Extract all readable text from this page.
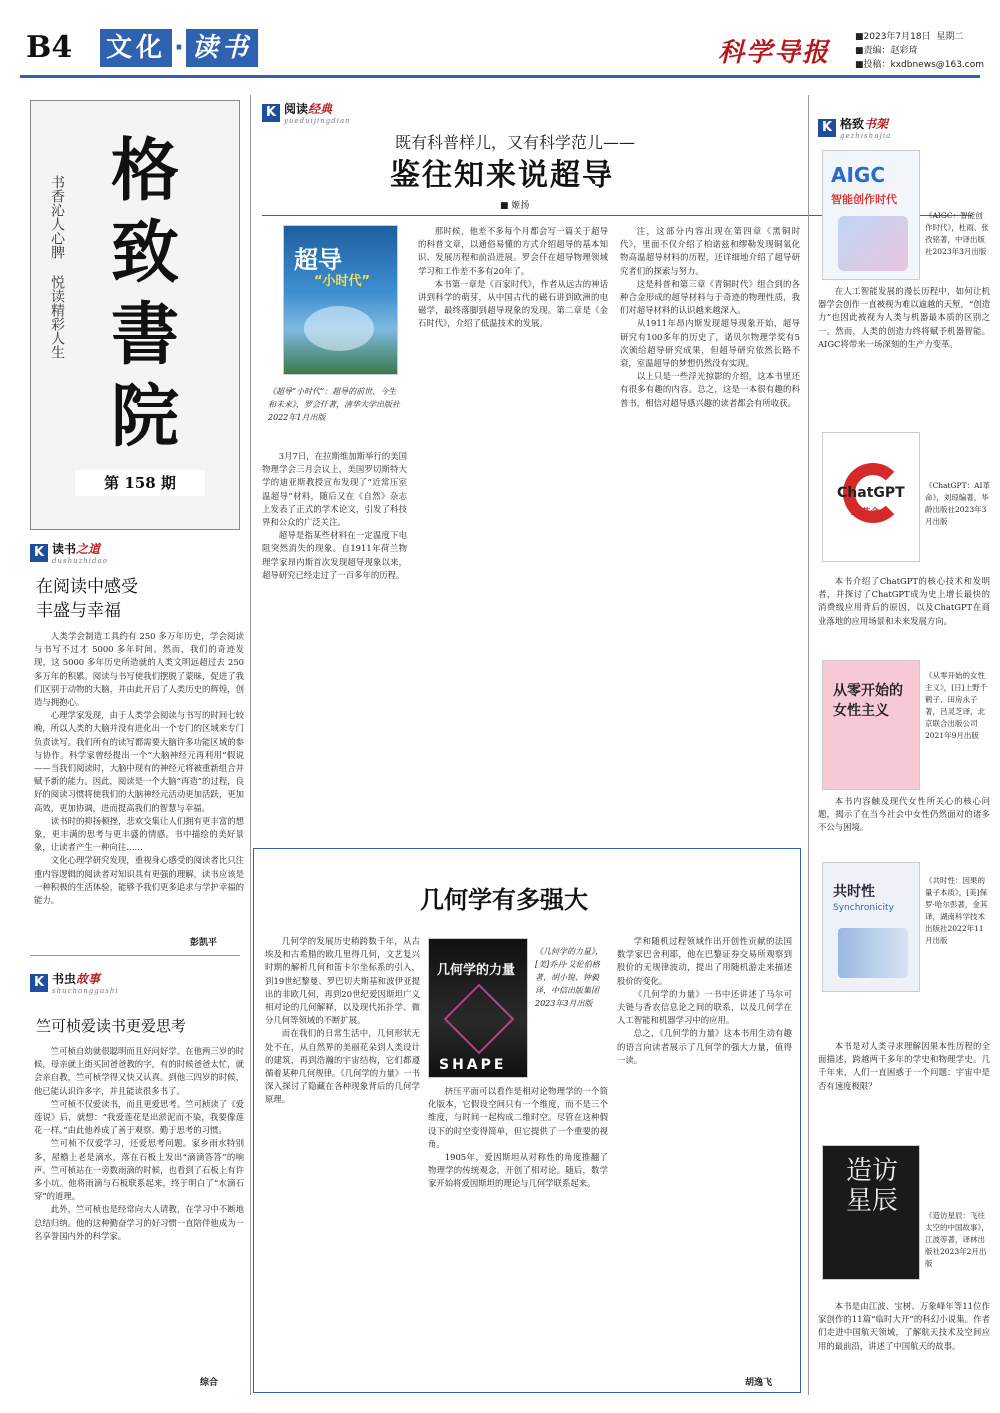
B4 文化 · 读书	科学导报
■2023年7月18日 星期二
■责编：赵彩琦
■投稿：kxdbnews@163.com
书香沁人心脾
悦读精彩人生
格
致
書
院
第 158 期
K 读书之道
dushuzhidao
在阅读中感受
丰盛与幸福

人类学会制造工具约有 250 多万年历史，学会阅读与书写不过才 5000 多年时间。然而，我们的奇迹发现，这 5000 多年历史所造就的人类文明远超过去 250 多万年的积累。阅读与书写使我们摆脱了蒙昧，促进了我们区别于动物的大脑，并由此开启了人类历史的辉煌，创造与拥抱心。

心理学家发现，由于人类学会阅读与书写的时间七较晚，所以人类的大脑并没有进化出一个专门的区域来专门负责读写。我们所有的读写都需要大脑许多功能区域的参与协作。科学家曾经提出一个“大脑神经元再利用”假说——当我们阅读时，大脑中现有的神经元将被重新组合并赋予新的能力。因此，阅读是一个大脑“再造”的过程，良好的阅读习惯将使我们的大脑神经元活动更加活跃，更加高效，更加协调，进而提高我们的智慧与幸福。

读书时的抑扬顿挫，悲欢交集让人们拥有更丰富的想象，更丰满的思考与更丰盛的情感。书中描绘的美好景象，让读者产生一种向往……

文化心理学研究发现，重视身心感受的阅读者比只注重内容逻辑的阅读者对知识具有更强的理解，读书应该是一种积极的生活体验，能够予我们更多追求与学护幸福的能力。

彭凯平
K 书虫故事
shuchonggushi
竺可桢爱读书更爱思考

竺可桢自幼就很聪明而且好问好学。在他两三岁的时候，母亲就上街买回爸爸教的字，有的时候爸爸太忙，就会亲自教，竺可桢学得又快又认真。到他三四岁的时候，他已能认识许多字，并且能读很多书了。

竺可桢不仅爱读书，而且更爱思考。竺可桢读了《爱莲说》后，就想：“我爱莲花是出淤泥而不染，我要像莲花一样。”由此他养成了善于观察、勤于思考的习惯。

竺可桢不仅爱学习，还爱思考问题。家乡雨水特别多，屋檐上老是滴水，落在石板上发出“滴滴答答”的响声。竺可桢站在一旁数雨滴的时候，也看到了石板上有许多小坑。他将雨滴与石板联系起来，终于明白了“水滴石穿”的道理。

此外，竺可桢也是经常向大人请教，在学习中不断地总结归纳。他的这种勤奋学习的好习惯一直陪伴他成为一名享誉国内外的科学家。

综合
K 阅读经典
yueduijingdian
既有科普样儿，又有科学范儿——
鉴往知来说超导
■ 姬扬
超导
“小时代”
《超导“小时代”：超导的前世、今生和未来》，罗会仟著，清华大学出版社 2022年1月出版

3月7日，在拉斯维加斯举行的美国物理学会三月会议上，美国罗切斯特大学的迪亚斯教授宣布发现了“近常压室温超导”材料，随后又在《自然》杂志上发表了正式的学术论文，引发了科技界和公众的广泛关注。

超导是指某些材料在一定温度下电阻突然消失的现象。自1911年荷兰物理学家昂内斯首次发现超导现象以来，超导研究已经走过了一百多年的历程。

那时候，他差不多每个月都会写一篇关于超导的科普文章，以通俗易懂的方式介绍超导的基本知识、发展历程和前沿进展。罗会仟在超导物理领域学习和工作差不多有20年了。

本书第一章是《百家时代》，作者从远古的神话讲到科学的萌芽，从中国古代的磁石讲到欧洲的电磁学，最终落脚到超导现象的发现。第二章是《金石时代》，介绍了低温技术的发展。

注，这部分内容出现在第四章《黑铜时代》，里面不仅介绍了柏诺兹和缪勒发现铜氧化物高温超导材料的历程，还详细地介绍了超导研究者们的探索与努力。

这是科普和第三章《青铜时代》组合到的各种合金形成的超导材料与于奇迹的物理性质，我们对超导材料的认识越来越深入。

从1911年昂内斯发现超导现象开始，超导研究有100多年的历史了，诺贝尔物理学奖有5次颁给超导研究成果，但超导研究依然长路不衰，室温超导的梦想仍然没有实现。

以上只是一些浮光掠影的介绍，这本书里还有很多有趣的内容。总之，这是一本很有趣的科普书，相信对超导感兴趣的读者都会有所收获。

几何学有多强大

几何学的发展历史稍跨数千年，从古埃及和古希腊的欧几里得几何，文艺复兴时期的解析几何和笛卡尔坐标系的引入，到19世纪黎曼、罗巴切夫斯基和波伊亚提出的非欧几何，再到20世纪爱因斯坦广义相对论的几何解释，以及现代拓扑学、微分几何等领域的不断扩展。

而在我们的日常生活中，几何形状无处不在，从自然界的美丽花朵到人类设计的建筑，再到浩瀚的宇宙结构，它们都遵循着某种几何规律。《几何学的力量》一书深入探讨了隐藏在各种现象背后的几何学原理。

几何学的力量
SHAPE
《几何学的力量》，[美]乔丹·艾伦伯格著，胡小锐、钟毅译，中信出版集团2023年3月出版

挤压平面可以看作是相对论物理学的一个简化版本，它假设空间只有一个维度，而不是三个维度，与时间一起构成二维时空。尽管在这种假设下的时空变得简单，但它提供了一个重要的视角。

1905年，爱因斯坦从对称性的角度推翻了物理学的传统观念，开创了相对论。随后，数学家开始将爱因斯坦的理论与几何学联系起来。

学和随机过程领域作出开创性贡献的法国数学家巴舍利耶，他在巴黎证券交易所观察到股价的无规律波动，提出了用随机游走来描述股价的变化。

《几何学的力量》一书中还讲述了马尔可夫链与香农信息论之间的联系，以及几何学在人工智能和机器学习中的应用。

总之，《几何学的力量》这本书用生动有趣的语言向读者展示了几何学的强大力量，值得一读。

胡逸飞
K 格致书架
gezhishujia
AIGC
智能创作时代
《AIGC：智能创作时代》，杜雨、张孜铭著，中译出版社2023年3月出版

在人工智能发展的漫长历程中，如何让机器学会创作一直被视为难以逾越的天堑，“创造力”也因此被视为人类与机器最本质的区别之一。然而，人类的创造力终将赋予机器智能。AIGC将带来一场深刻的生产力变革。

ChatGPT
AI革命
《ChatGPT：AI革命》，刘琼编著，华龄出版社2023年3月出版

本书介绍了ChatGPT的核心技术和发明者，并探讨了ChatGPT成为史上增长最快的消费级应用背后的原因，以及ChatGPT在商业落地的应用场景和未来发展方向。

从零开始的女性主义
《从零开始的女性主义》，[日]上野千鹤子、田房永子著，吕灵芝译，北京联合出版公司2021年9月出版

本书内容触及现代女性所关心的核心问题，揭示了在当今社会中女性仍然面对的诸多不公与困境。

共时性
Synchronicity
《共时性：因果的量子本质》，[美]保罗·哈尔彭著，金其译，湖南科学技术出版社2022年11月出版

本书是对人类寻求理解因果本性历程的全面描述，跨越两千多年的学史和物理学史。几千年来，人们一直困惑于一个问题：宇宙中是否有速度极限？

造访星辰	《造访星辰：飞往太空的中国故事》，江波等著，译林出版社2023年2月出版

本书是由江波、宝树、万象峰年等11位作家创作的11篇“临时大开”的科幻小说集。作者们走进中国航天领域，了解航天技术及空间应用的最前沿，讲述了中国航天的故事。
